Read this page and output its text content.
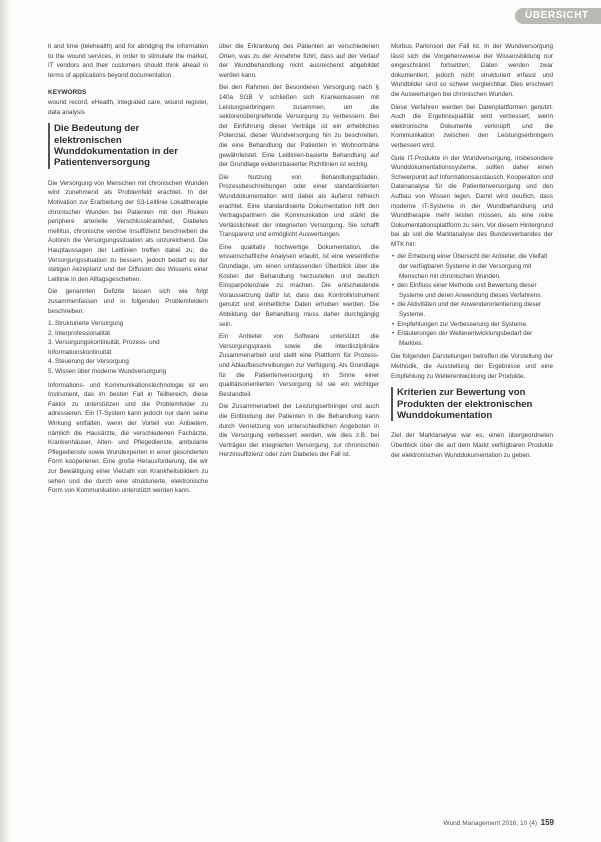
ÜBERSICHT

it and time (telehealth) and for abridging the information to the wound services, in order to stimulate the market, IT vendors and their customers should think ahead in terms of applications beyond documentation.

KEYWORDS

wound record, eHealth, integrated care, wound register, data analysis

Die Bedeutung der elektronischen Wunddokumentation in der Patientenversorgung

Die Versorgung von Menschen mit chronischen Wunden wird zunehmend als Problemfeld erachtet. In der Motivation zur Erarbeitung der S3-Leitlinie Lokaltherapie chronischer Wunden bei Patienten mit den Risiken periphere arterielle Verschlusskrankheit, Diabetes mellitus, chronische venöse Insuffizienz beschreiben die Autoren die Versorgungssituation als unzureichend. Die Hauptaussagen der Leitlinien treffen dabei zu; die Versorgungssituation zu bessern, jedoch bedarf es der stetigen Akzeptanz und der Diffusion des Wissens einer Leitlinie in den Alltagsgeschehen.

Die genannten Defizite lassen sich wie folgt zusammenfassen und in folgenden Problemfeldern beschreiben:

1. Strukturierte Versorgung
2. Interprofessionalität
3. Versorgungskontinuität, Prozess- und Informationskontinuität
4. Steuerung der Versorgung
5. Wissen über moderne Wundversorgung

Informations- und Kommunikationstechnologie ist ein Instrument, das im besten Fall in Teilbereich, diese Faktor zu unterstützen und die Problemfelder zu adressieren. Ein IT-System kann jedoch nur dann seine Wirkung entfalten, wenn der Vorteil von Anbietern, nämlich die Hausärzte, die verschiedenen Fachärzte, Krankenhäuser, Alten- und Pflegedienste, ambulante Pflegedienste sowie Wundexperten in einer gesonderten Form kooperieren. Eine große Herausforderung, die wir zur Bewältigung einer Vielzahl von Krankheitsbildern zu sehen und die durch eine strukturierte, elektronische Form von Kommunikation unterstützt werden kann.

über die Erkrankung des Patienten an verschiedenen Orten, was zu der Annahme führt, dass auf der Verlauf der Wundbehandlung nicht ausreichend abgebildet werden kann.

Bei den Rahmen der Besonderen Versorgung nach § 140a SGB V schließen sich Krankenkassen mit Leistungserbringern zusammen, um die sektorenübergreifende Versorgung zu verbessern. Bei der Einführung dieser Verträge ist ein erhebliches Potenzial, dieser Wundversorgung hin zu beschreiten, die eine Behandlung der Patienten in Wohnortnähe gewährleistet. Eine Leitlinien-basierte Behandlung auf der Grundlage evidenzbasierter Richtlinien ist wichtig.

Die Nutzung von Behandlungspfaden, Prozessbeschreibungen oder einer standardisierten Wunddokumentation wird dabei als äußerst hilfreich erachtet. Eine standardisierte Dokumentation hilft den Vertragspartnern die Kommunikation und stärkt die Verlässlichkeit der integrierten Versorgung. Sie schafft Transparenz und ermöglicht Auswertungen.

Eine qualitativ hochwertige Dokumentation, die wissenschaftliche Analysen erlaubt, ist eine wesentliche Grundlage, um einen umfassenden Überblick über die Kosten der Behandlung herzustellen und deutlich Einsparpotenziale zu machen. Die entscheidende Voraussetzung dafür ist, dass das Kontrollinstrument genutzt und einheitliche Daten erhoben werden. Die Abbildung der Behandlung muss daher durchgängig sein.

Ein Anbieter von Software unterstützt die Versorgungspraxis sowie die interdisziplinäre Zusammenarbeit und stellt eine Plattform für Prozess- und Ablaufbeschreibungen zur Verfügung. Als Grundlage für die Patientenversorgung im Sinne einer qualitätsorientierten Versorgung ist sie ein wichtiger Bestandteil.

Die Zusammenarbeit der Leistungserbringer und auch die Einbindung der Patienten in die Behandlung kann durch Vernetzung von unterschiedlichen Angeboten in die Versorgung verbessert werden, wie dies z.B. bei Verträgen der integrierten Versorgung, zur chronischen Herzinsuffizienz oder zum Diabetes der Fall ist.

Morbus Parkinson der Fall ist. In der Wundversorgung lässt sich die Vorgehensweise der Wissensbildung nur eingeschränkt fortsetzen; Daten werden zwar dokumentiert, jedoch nicht strukturiert erfasst und Wundbilder sind so schwer vergleichbar. Dies erschwert die Auswertungen bei chronischen Wunden.

Diese Verfahren werden bei Datenplattformen genutzt. Auch die Ergebnisqualität wird verbessert, wenn elektronische Dokumente verknüpft und die Kommunikation zwischen den Leistungserbringern verbessert wird.

Gute IT-Produkte in der Wundversorgung, insbesondere Wunddokumentationssysteme, sollten daher einen Schwerpunkt auf Informationsaustausch, Kooperation und Datenanalyse für die Patientenversorgung und den Aufbau von Wissen legen. Damit wird deutlich, dass moderne IT-Systeme in der Wundbehandlung und Wundtherapie mehr leisten müssen, als eine reine Dokumentationsplattform zu sein. Vor diesem Hintergrund bei ab soll die Marktanalyse des Bundesverbandes der MTK hin:

• der Erhebung einer Übersicht der Anbieter, die Vielfalt der verfügbaren Systeme in der Versorgung mit Menschen mit chronischen Wunden.
• den Einfluss einer Methode und Bewertung dieser Systeme und deren Anwendung dieses Verfahrens.
• die Aktivitäten und der Anwenderorientierung dieser Systeme.
• Empfehlungen zur Verbesserung der Systeme.
• Erläuterungen der Weiterentwicklungsbedarf der Marktes.

Die folgenden Darstellungen betreffen die Vorstellung der Methodik, die Ausstellung der Ergebnisse und eine Empfehlung zu Weiterentwicklung der Produkte.

Kriterien zur Bewertung von Produkten der elektronischen Wunddokumentation

Ziel der Marktanalyse war es, einen übergeordneten Überblick über die auf dem Markt verfügbaren Produkte der elektronischen Wunddokumentation zu geben.

Wund Management 2016; 10 (4) 159
